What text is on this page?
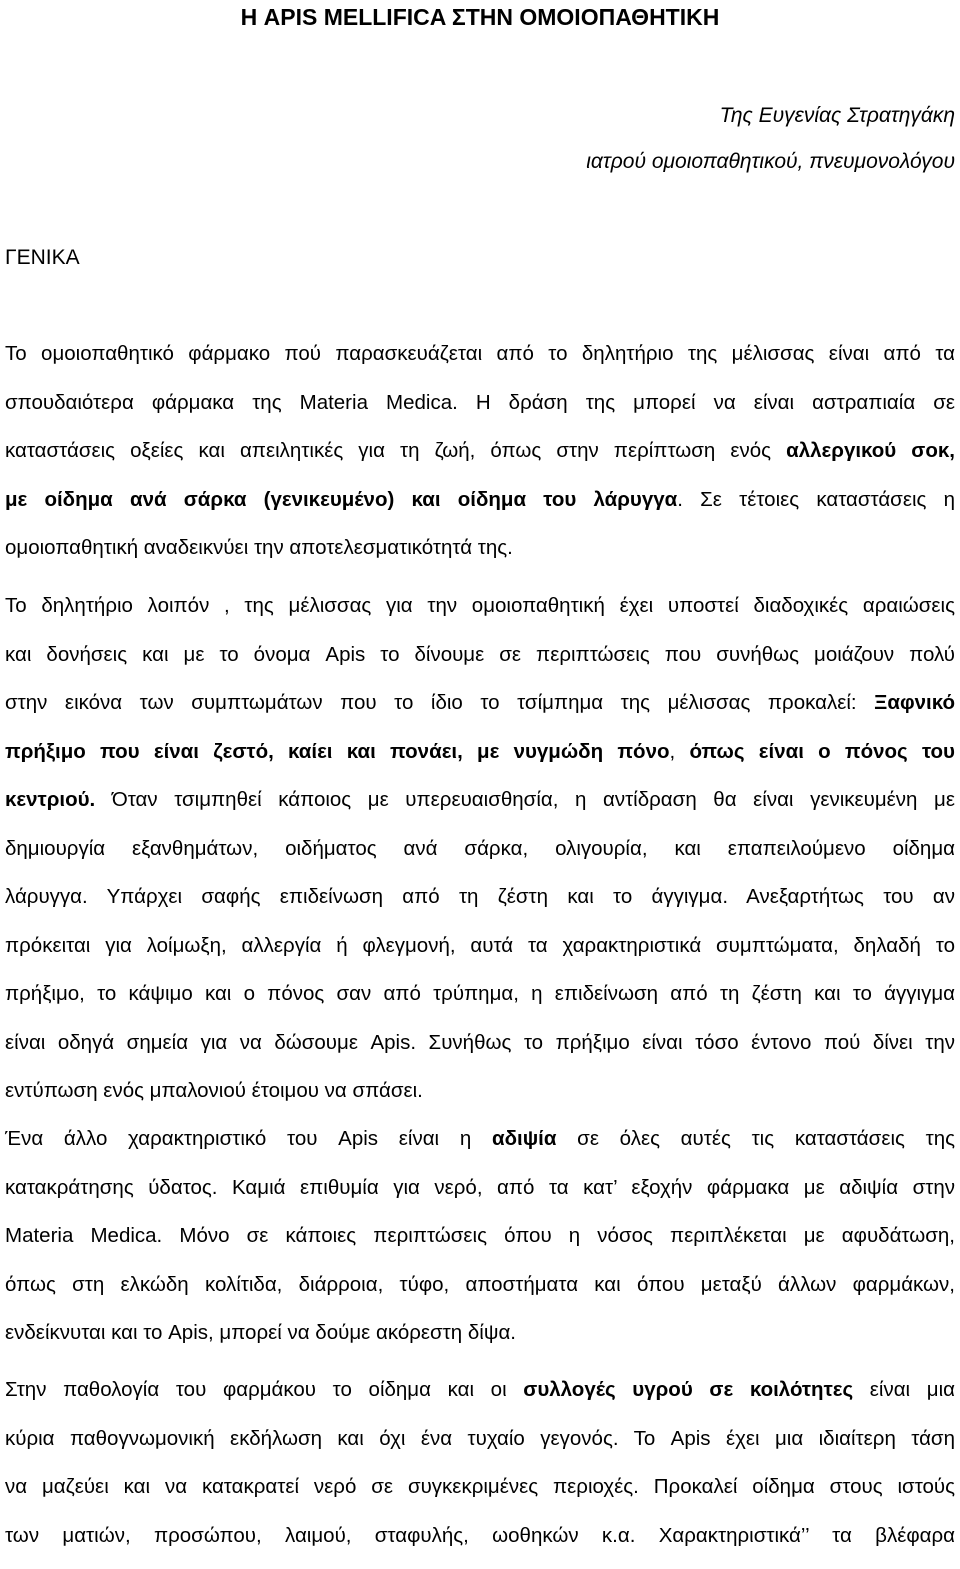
Η APIS MELLIFICA ΣΤΗΝ ΟΜΟΙΟΠΑΘΗΤΙΚΗ
Της Ευγενίας Στρατηγάκη
ιατρού ομοιοπαθητικού, πνευμονολόγου
ΓΕΝΙΚΑ
Το ομοιοπαθητικό φάρμακο πού παρασκευάζεται από το δηλητήριο της μέλισσας είναι από τα
σπουδαιότερα φάρμακα της Materia Medica. Η δράση της μπορεί να είναι αστραπιαία σε
καταστάσεις οξείες και απειλητικές για τη ζωή, όπως στην περίπτωση ενός αλλεργικού σοκ,
με οίδημα ανά σάρκα (γενικευμένο) και οίδημα του λάρυγγα. Σε τέτοιες καταστάσεις η
ομοιοπαθητική αναδεικνύει την αποτελεσματικότητά της.
Το δηλητήριο λοιπόν , της μέλισσας για την ομοιοπαθητική έχει υποστεί διαδοχικές αραιώσεις
και δονήσεις και με το όνομα Apis το δίνουμε σε περιπτώσεις που συνήθως μοιάζουν πολύ
στην εικόνα των συμπτωμάτων που το ίδιο το τσίμπημα της μέλισσας προκαλεί: Ξαφνικό
πρήξιμο που είναι ζεστό, καίει και πονάει, με νυγμώδη πόνο, όπως είναι ο πόνος του
κεντριού. Όταν τσιμπηθεί κάποιος με υπερευαισθησία, η αντίδραση θα είναι γενικευμένη με
δημιουργία εξανθημάτων, οιδήματος ανά σάρκα, ολιγουρία, και επαπειλούμενο οίδημα
λάρυγγα. Υπάρχει σαφής επιδείνωση από τη ζέστη και το άγγιγμα. Ανεξαρτήτως του αν
πρόκειται για λοίμωξη, αλλεργία ή φλεγμονή, αυτά τα χαρακτηριστικά συμπτώματα, δηλαδή το
πρήξιμο, το κάψιμο και ο πόνος σαν από τρύπημα, η επιδείνωση από τη ζέστη και το άγγιγμα
είναι οδηγά σημεία για να δώσουμε Apis. Συνήθως το πρήξιμο είναι τόσο έντονο πού δίνει την
εντύπωση ενός μπαλονιού έτοιμου να σπάσει.
Ένα άλλο χαρακτηριστικό του Apis είναι η αδιψία σε όλες αυτές τις καταστάσεις της
κατακράτησης ύδατος. Καμιά επιθυμία για νερό, από τα κατ’ εξοχήν φάρμακα με αδιψία στην
Materia Medica. Μόνο σε κάποιες περιπτώσεις όπου η νόσος περιπλέκεται με αφυδάτωση,
όπως στη ελκώδη κολίτιδα, διάρροια, τύφο, αποστήματα και όπου μεταξύ άλλων φαρμάκων,
ενδείκνυται και το Apis, μπορεί να δούμε ακόρεστη δίψα.
Στην παθολογία του φαρμάκου το οίδημα και οι συλλογές υγρού σε κοιλότητες είναι μια
κύρια παθογνωμονική εκδήλωση και όχι ένα τυχαίο γεγονός. Το Apis έχει μια ιδιαίτερη τάση
να μαζεύει και να κατακρατεί νερό σε συγκεκριμένες περιοχές. Προκαλεί οίδημα στους ιστούς
των ματιών, προσώπου, λαιμού, σταφυλής, ωοθηκών κ.α. Χαρακτηριστικά’’ τα βλέφαρα
